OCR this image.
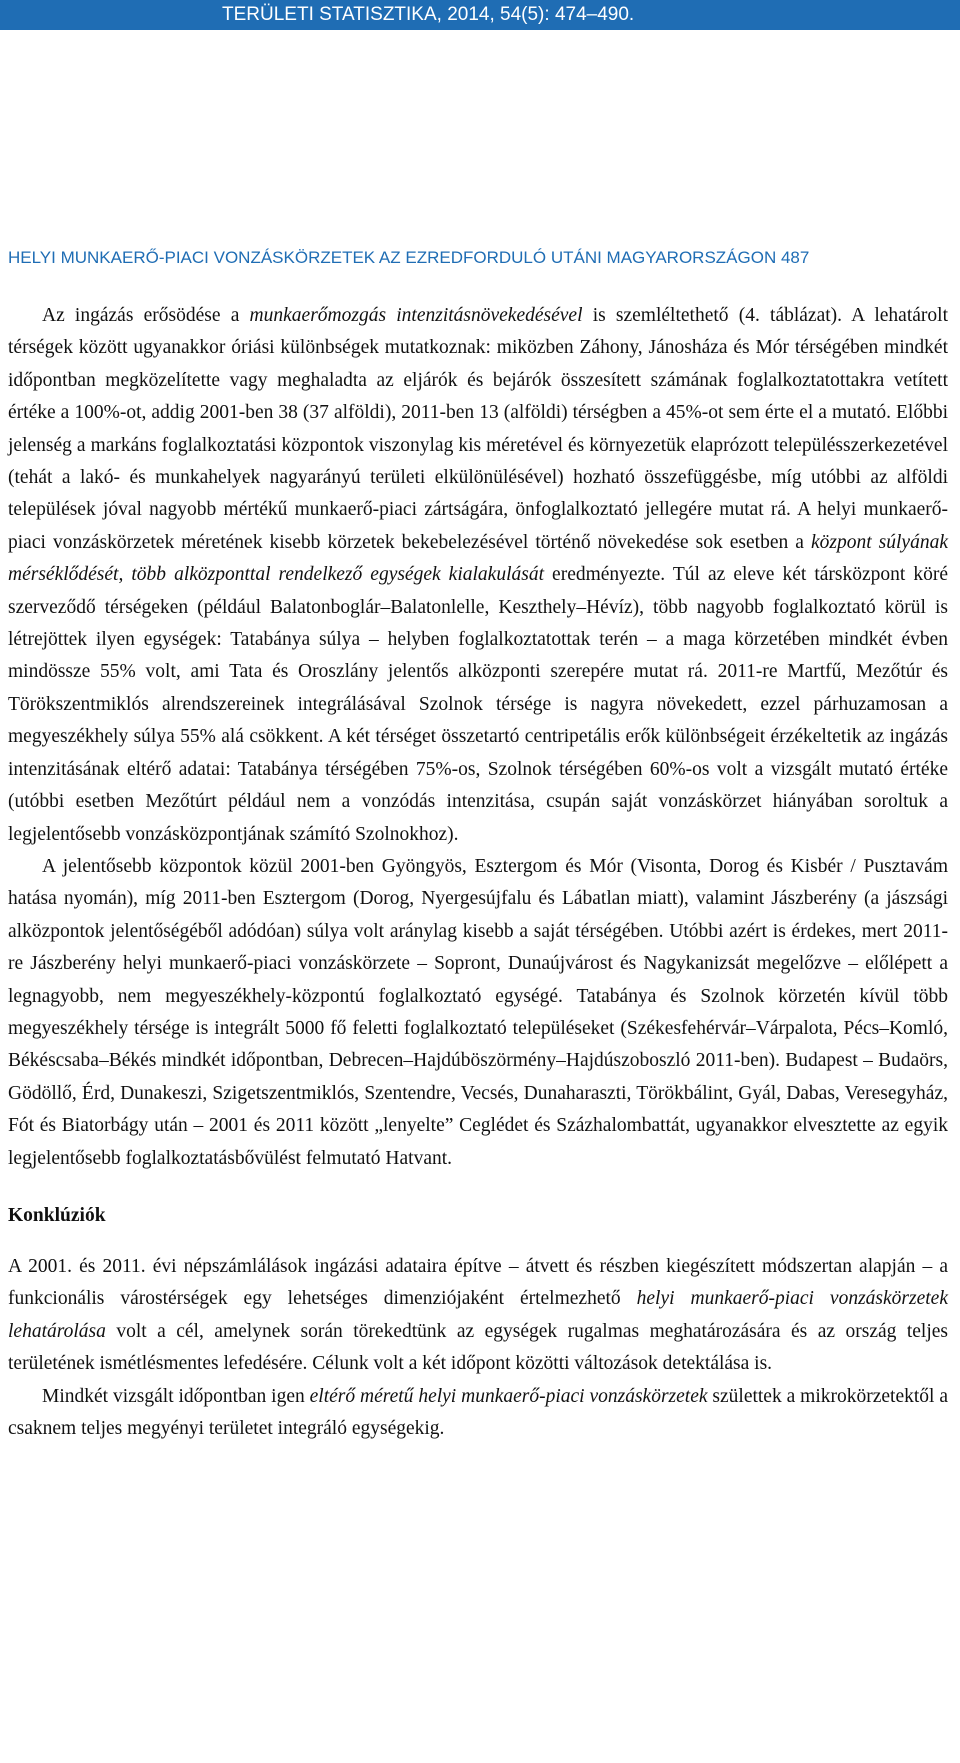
TERÜLETI STATISZTIKA, 2014, 54(5): 474–490.
HELYI MUNKAERŐ-PIACI VONZÁSKÖRZETEK AZ EZREDFORDULÓ UTÁNI MAGYARORSZÁGON 487

Az ingázás erősödése a munkaerőmozgás intenzitásnövekedésével is szemléltethető (4. táblázat). A lehatárolt térségek között ugyanakkor óriási különbségek mutatkoznak: miközben Záhony, Jánosháza és Mór térségében mindkét időpontban megközelítette vagy meghaladta az eljárók és bejárók összesített számának foglalkoztatottakra vetített értéke a 100%-ot, addig 2001-ben 38 (37 alföldi), 2011-ben 13 (alföldi) térségben a 45%-ot sem érte el a mutató. Előbbi jelenség a markáns foglalkoztatási központok viszonylag kis méretével és környezetük elaprózott településszerkezetével (tehát a lakó- és munkahelyek nagyarányú területi elkülönülésével) hozható összefüggésbe, míg utóbbi az alföldi települések jóval nagyobb mértékű munkaerő-piaci zártságára, önfoglalkoztató jellegére mutat rá. A helyi munkaerő-piaci vonzáskörzetek méretének kisebb körzetek bekebelezésével történő növekedése sok esetben a központ súlyának mérséklődését, több alközponttal rendelkező egységek kialakulását eredményezte. Túl az eleve két társközpont köré szerveződő térségeken (például Balatonboglár–Balatonlelle, Keszthely–Hévíz), több nagyobb foglalkoztató körül is létrejöttek ilyen egységek: Tatabánya súlya – helyben foglalkoztatottak terén – a maga körzetében mindkét évben mindössze 55% volt, ami Tata és Oroszlány jelentős alközponti szerepére mutat rá. 2011-re Martfű, Mezőtúr és Törökszentmiklós alrendszereinek integrálásával Szolnok térsége is nagyra növekedett, ezzel párhuzamosan a megyeszékhely súlya 55% alá csökkent. A két térséget összetartó centripetális erők különbségeit érzékeltetik az ingázás intenzitásának eltérő adatai: Tatabánya térségében 75%-os, Szolnok térségében 60%-os volt a vizsgált mutató értéke (utóbbi esetben Mezőtúrt például nem a vonzódás intenzitása, csupán saját vonzáskörzet hiányában soroltuk a legjelentősebb vonzásközpontjának számító Szolnokhoz).

A jelentősebb központok közül 2001-ben Gyöngyös, Esztergom és Mór (Visonta, Dorog és Kisbér / Pusztavám hatása nyomán), míg 2011-ben Esztergom (Dorog, Nyergesújfalu és Lábatlan miatt), valamint Jászberény (a jászsági alközpontok jelentőségéből adódóan) súlya volt aránylag kisebb a saját térségében. Utóbbi azért is érdekes, mert 2011-re Jászberény helyi munkaerő-piaci vonzáskörzete – Sopront, Dunaújvárost és Nagykanizsát megelőzve – előlépett a legnagyobb, nem megyeszékhely-központú foglalkoztató egységé. Tatabánya és Szolnok körzetén kívül több megyeszékhely térsége is integrált 5000 fő feletti foglalkoztató településeket (Székesfehérvár–Várpalota, Pécs–Komló, Békéscsaba–Békés mindkét időpontban, Debrecen–Hajdúböszörmény–Hajdúszoboszló 2011-ben). Budapest – Budaörs, Gödöllő, Érd, Dunakeszi, Szigetszentmiklós, Szentendre, Vecsés, Dunaharaszti, Törökbálint, Gyál, Dabas, Veresegyház, Fót és Biatorbágy után – 2001 és 2011 között „lenyelte” Ceglédet és Százhalombattát, ugyanakkor elvesztette az egyik legjelentősebb foglalkoztatásbővülést felmutató Hatvant.

Konklúziók

A 2001. és 2011. évi népszámlálások ingázási adataira építve – átvett és részben kiegészített módszertan alapján – a funkcionális várostérségek egy lehetséges dimenziójaként értelmezhető helyi munkaerő-piaci vonzáskörzetek lehatárolása volt a cél, amelynek során törekedtünk az egységek rugalmas meghatározására és az ország teljes területének ismétlésmentes lefedésére. Célunk volt a két időpont közötti változások detektálása is.

Mindkét vizsgált időpontban igen eltérő méretű helyi munkaerő-piaci vonzáskörzetek születtek a mikrokörzetektől a csaknem teljes megyényi területet integráló egységekig.
